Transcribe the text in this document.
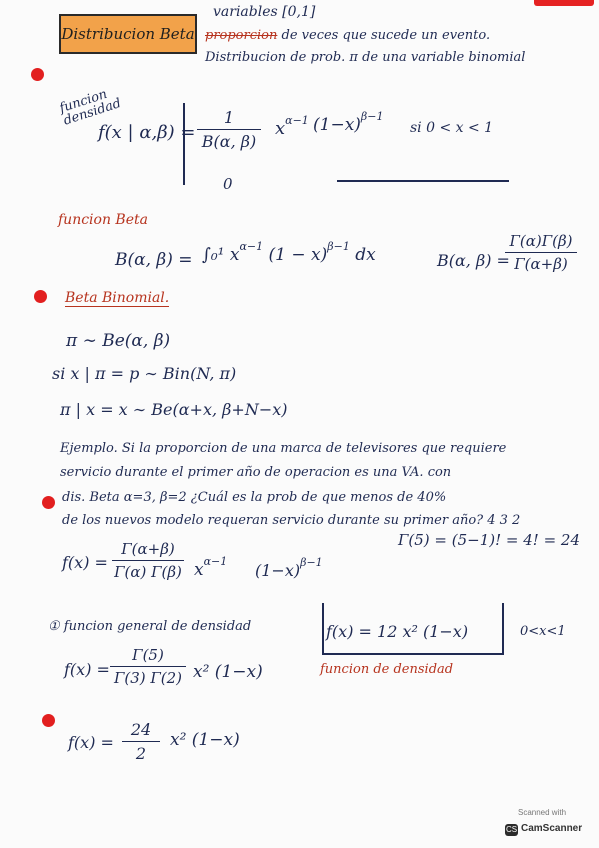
Distribucion Beta
variables [0,1]
proporcion de veces que sucede un evento.
Distribucion de prob. π de una variable binomial
funcion densidad
f(x | $\alpha,\beta) = \frac{1}{B(\alpha, \beta)} x^{\alpha-1}$ $(1-x)^{\beta-1}$
si 0 < x < 1
0
funcion Beta
B(α, β) = ∫₀¹ $x^{\alpha-1}$ $(1 - x)^{\beta-1}$ dx	B(α, β) =
$\frac{\Gamma(\alpha)\Gamma(\beta)}{\Gamma(\alpha+\beta)}$
Beta Binomial.
π ∼ Be(α, β)
si x | π = p ∼ Bin(N, π)
π | x = x ∼ Be(α+x, β+N−x)
Ejemplo. Si la proporcion de una marca de televisores que requiere
servicio durante el primer año de operacion es una VA. con
dis. Beta α=3, β=2 ¿Cuál es la prob de que menos de 40%
de los nuevos modelo requeran servicio durante su primer año? 4 3 2
Γ(5) = (5−1)! = 4! = 24
$f(x) = \frac{\Gamma(\alpha+\beta)}{\Gamma(\alpha) \Gamma(\beta)} x^{\alpha-1}$ $(1-x)^{\beta-1}$
① funcion general de densidad	f(x) = 12 x² (1−x)	0<x<1
funcion de densidad
$f(x) = \frac{\Gamma(5)}{\Gamma(3) \Gamma(2)} x^2$ (1−x)
$f(x) = \frac{24}{2} x^2$ (1−x)
Scanned with
CS CamScanner
